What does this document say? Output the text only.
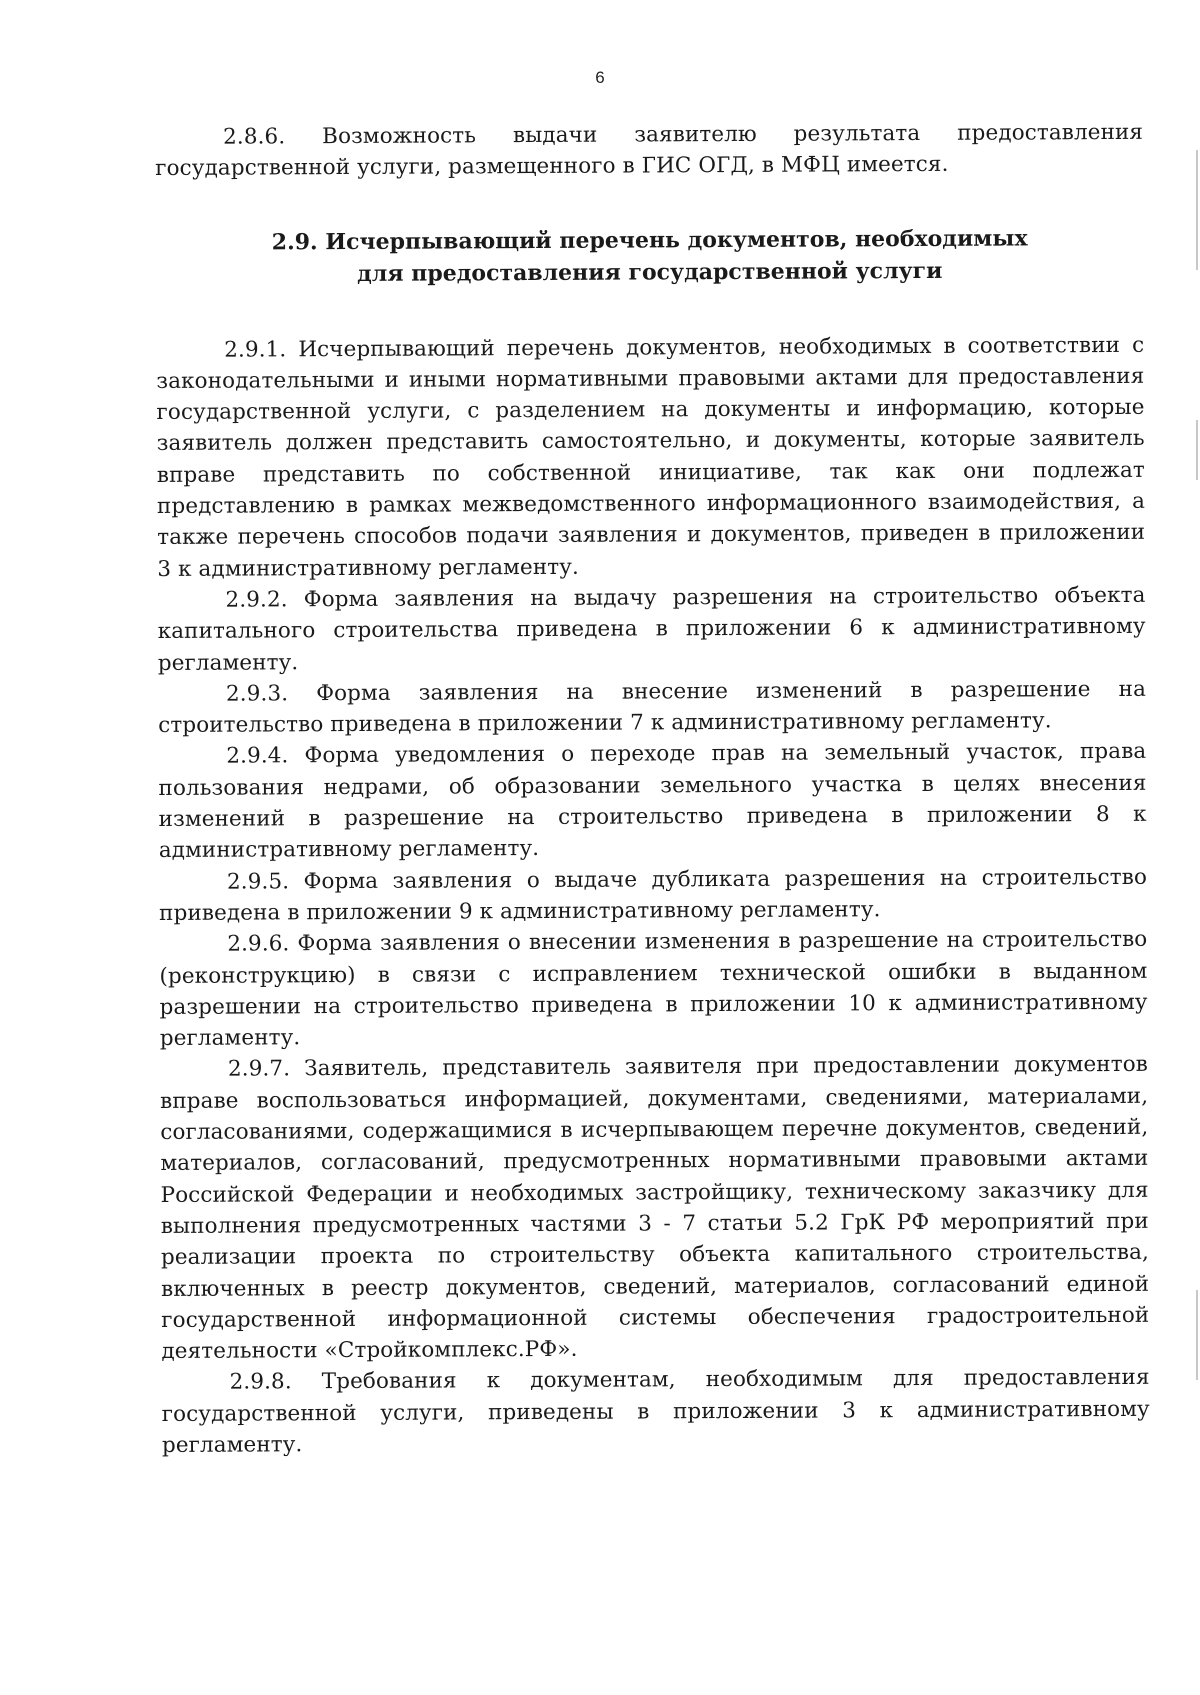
6

2.8.6. Возможность выдачи заявителю результата предоставления государственной услуги, размещенного в ГИС ОГД, в МФЦ имеется.

2.9. Исчерпывающий перечень документов, необходимых
для предоставления государственной услуги

2.9.1. Исчерпывающий перечень документов, необходимых в соответствии с законодательными и иными нормативными правовыми актами для предоставления государственной услуги, с разделением на документы и информацию, которые заявитель должен представить самостоятельно, и документы, которые заявитель вправе представить по собственной инициативе, так как они подлежат представлению в рамках межведомственного информационного взаимодействия, а также перечень способов подачи заявления и документов, приведен в приложении 3 к административному регламенту.

2.9.2. Форма заявления на выдачу разрешения на строительство объекта капитального строительства приведена в приложении 6 к административному регламенту.

2.9.3. Форма заявления на внесение изменений в разрешение на строительство приведена в приложении 7 к административному регламенту.

2.9.4. Форма уведомления о переходе прав на земельный участок, права пользования недрами, об образовании земельного участка в целях внесения изменений в разрешение на строительство приведена в приложении 8 к административному регламенту.

2.9.5. Форма заявления о выдаче дубликата разрешения на строительство приведена в приложении 9 к административному регламенту.

2.9.6. Форма заявления о внесении изменения в разрешение на строительство (реконструкцию) в связи с исправлением технической ошибки в выданном разрешении на строительство приведена в приложении 10 к административному регламенту.

2.9.7. Заявитель, представитель заявителя при предоставлении документов вправе воспользоваться информацией, документами, сведениями, материалами, согласованиями, содержащимися в исчерпывающем перечне документов, сведений, материалов, согласований, предусмотренных нормативными правовыми актами Российской Федерации и необходимых застройщику, техническому заказчику для выполнения предусмотренных частями 3 - 7 статьи 5.2 ГрК РФ мероприятий при реализации проекта по строительству объекта капитального строительства, включенных в реестр документов, сведений, материалов, согласований единой государственной информационной системы обеспечения градостроительной деятельности «Стройкомплекс.РФ».

2.9.8. Требования к документам, необходимым для предоставления государственной услуги, приведены в приложении 3 к административному регламенту.
